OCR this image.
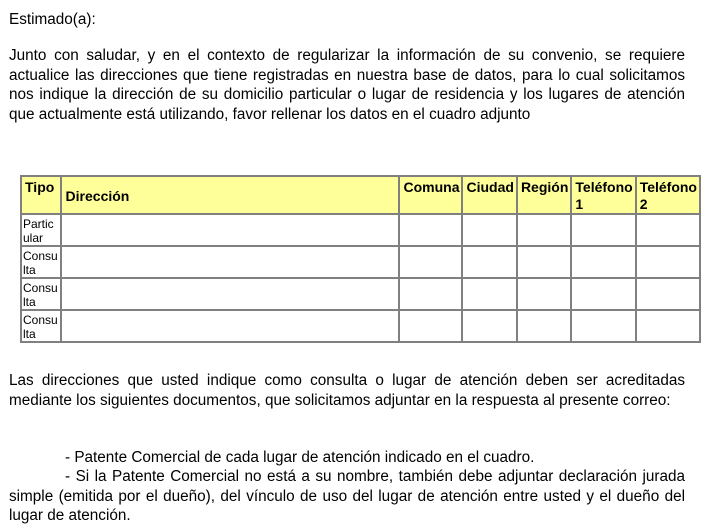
Estimado(a):

Junto con saludar, y en el contexto de regularizar la información de su convenio, se requiere actualice las direcciones que tiene registradas en nuestra base de datos, para lo cual solicitamos nos indique la dirección de su domicilio particular o lugar de residencia y los lugares de atención que actualmente está utilizando, favor rellenar los datos en el cuadro adjunto

Las direcciones que usted indique como consulta o lugar de atención deben ser acreditadas mediante los siguientes documentos, que solicitamos adjuntar en la respuesta al presente correo:

- Patente Comercial de cada lugar de atención indicado en el cuadro.

- Si la Patente Comercial no está a su nombre, también debe adjuntar declaración jurada simple (emitida por el dueño), del vínculo de uso del lugar de atención entre usted y el dueño del lugar de atención.

Tipo	Dirección	Comuna	Ciudad	Región	Teléfono 1	Teléfono 2
Particular						
Consulta						
Consulta						
Consulta						
